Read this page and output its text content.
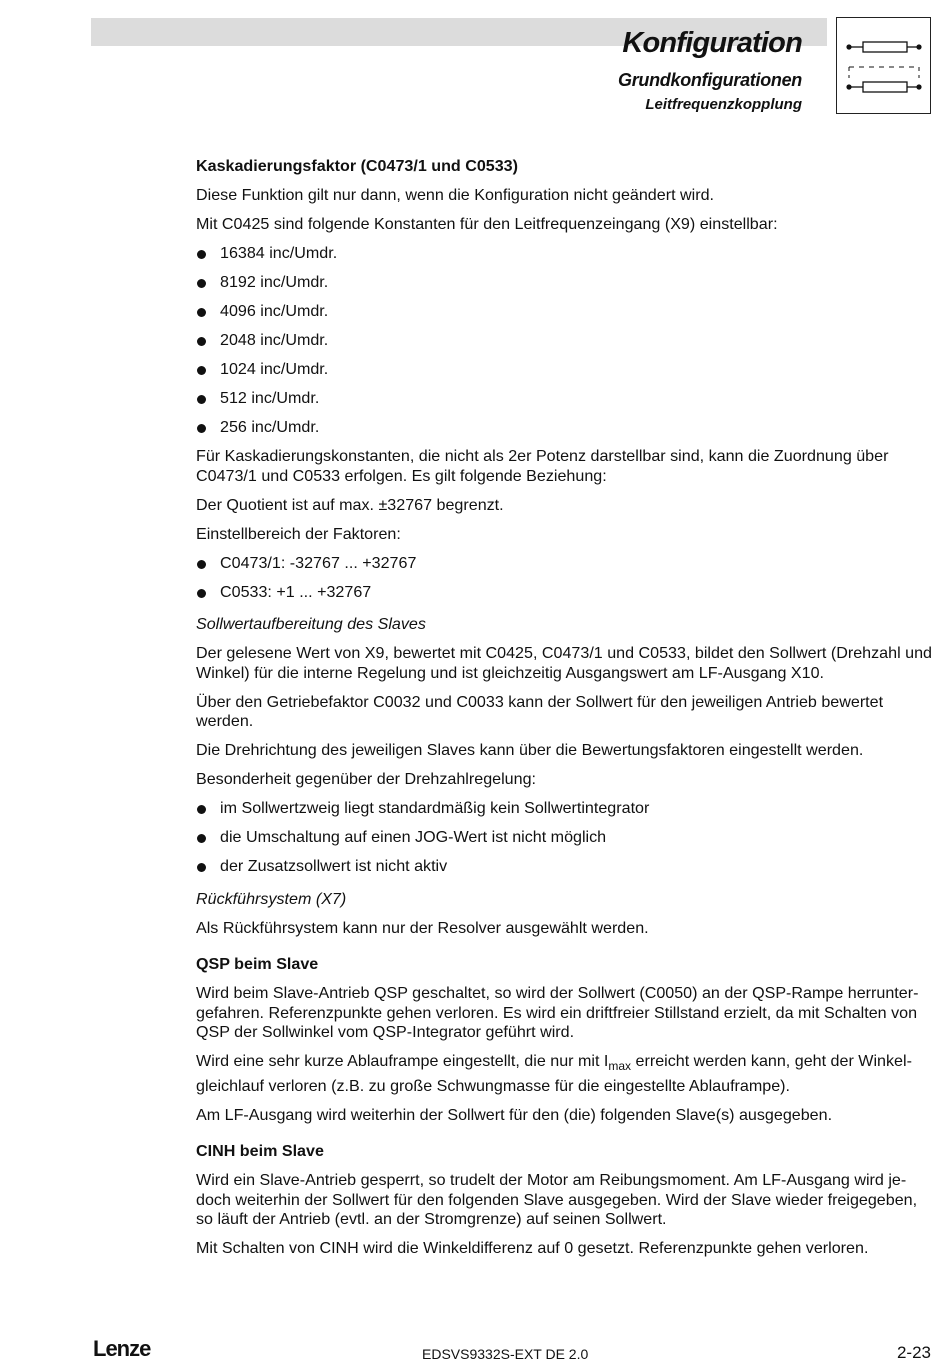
Konfiguration
Grundkonfigurationen
Leitfrequenzkopplung
Kaskadierungsfaktor (C0473/1 und C0533)

Diese Funktion gilt nur dann, wenn die Konfiguration nicht geändert wird.

Mit C0425 sind folgende Konstanten für den Leitfrequenzeingang (X9) einstellbar:

16384 inc/Umdr.
8192 inc/Umdr.
4096 inc/Umdr.
2048 inc/Umdr.
1024 inc/Umdr.
512 inc/Umdr.
256 inc/Umdr.

Für Kaskadierungskonstanten, die nicht als 2er Potenz darstellbar sind, kann die Zuordnung über C0473/1 und C0533 erfolgen. Es gilt folgende Beziehung:

Der Quotient ist auf max. ±32767 begrenzt.

Einstellbereich der Faktoren:

C0473/1: -32767 ... +32767
C0533: +1 ... +32767

Sollwertaufbereitung des Slaves

Der gelesene Wert von X9, bewertet mit C0425, C0473/1 und C0533, bildet den Sollwert (Drehzahl und Winkel) für die interne Regelung und ist gleichzeitig Ausgangswert am LF-Ausgang X10.

Über den Getriebefaktor C0032 und C0033 kann der Sollwert für den jeweiligen Antrieb bewertet werden.

Die Drehrichtung des jeweiligen Slaves kann über die Bewertungsfaktoren eingestellt werden.

Besonderheit gegenüber der Drehzahlregelung:

im Sollwertzweig liegt standardmäßig kein Sollwertintegrator
die Umschaltung auf einen JOG-Wert ist nicht möglich
der Zusatzsollwert ist nicht aktiv

Rückführsystem (X7)

Als Rückführsystem kann nur der Resolver ausgewählt werden.

QSP beim Slave

Wird beim Slave-Antrieb QSP geschaltet, so wird der Sollwert (C0050) an der QSP-Rampe herrunter-gefahren. Referenzpunkte gehen verloren. Es wird ein driftfreier Stillstand erzielt, da mit Schalten von QSP der Sollwinkel vom QSP-Integrator geführt wird.

Wird eine sehr kurze Ablauframpe eingestellt, die nur mit $I_{max}$ erreicht werden kann, geht der Winkel-gleichlauf verloren (z.B. zu große Schwungmasse für die eingestellte Ablauframpe).

Am LF-Ausgang wird weiterhin der Sollwert für den (die) folgenden Slave(s) ausgegeben.

CINH beim Slave

Wird ein Slave-Antrieb gesperrt, so trudelt der Motor am Reibungsmoment. Am LF-Ausgang wird je-doch weiterhin der Sollwert für den folgenden Slave ausgegeben. Wird der Slave wieder freigegeben, so läuft der Antrieb (evtl. an der Stromgrenze) auf seinen Sollwert.

Mit Schalten von CINH wird die Winkeldifferenz auf 0 gesetzt. Referenzpunkte gehen verloren.

Lenze	EDSVS9332S-EXT DE 2.0	2-23
